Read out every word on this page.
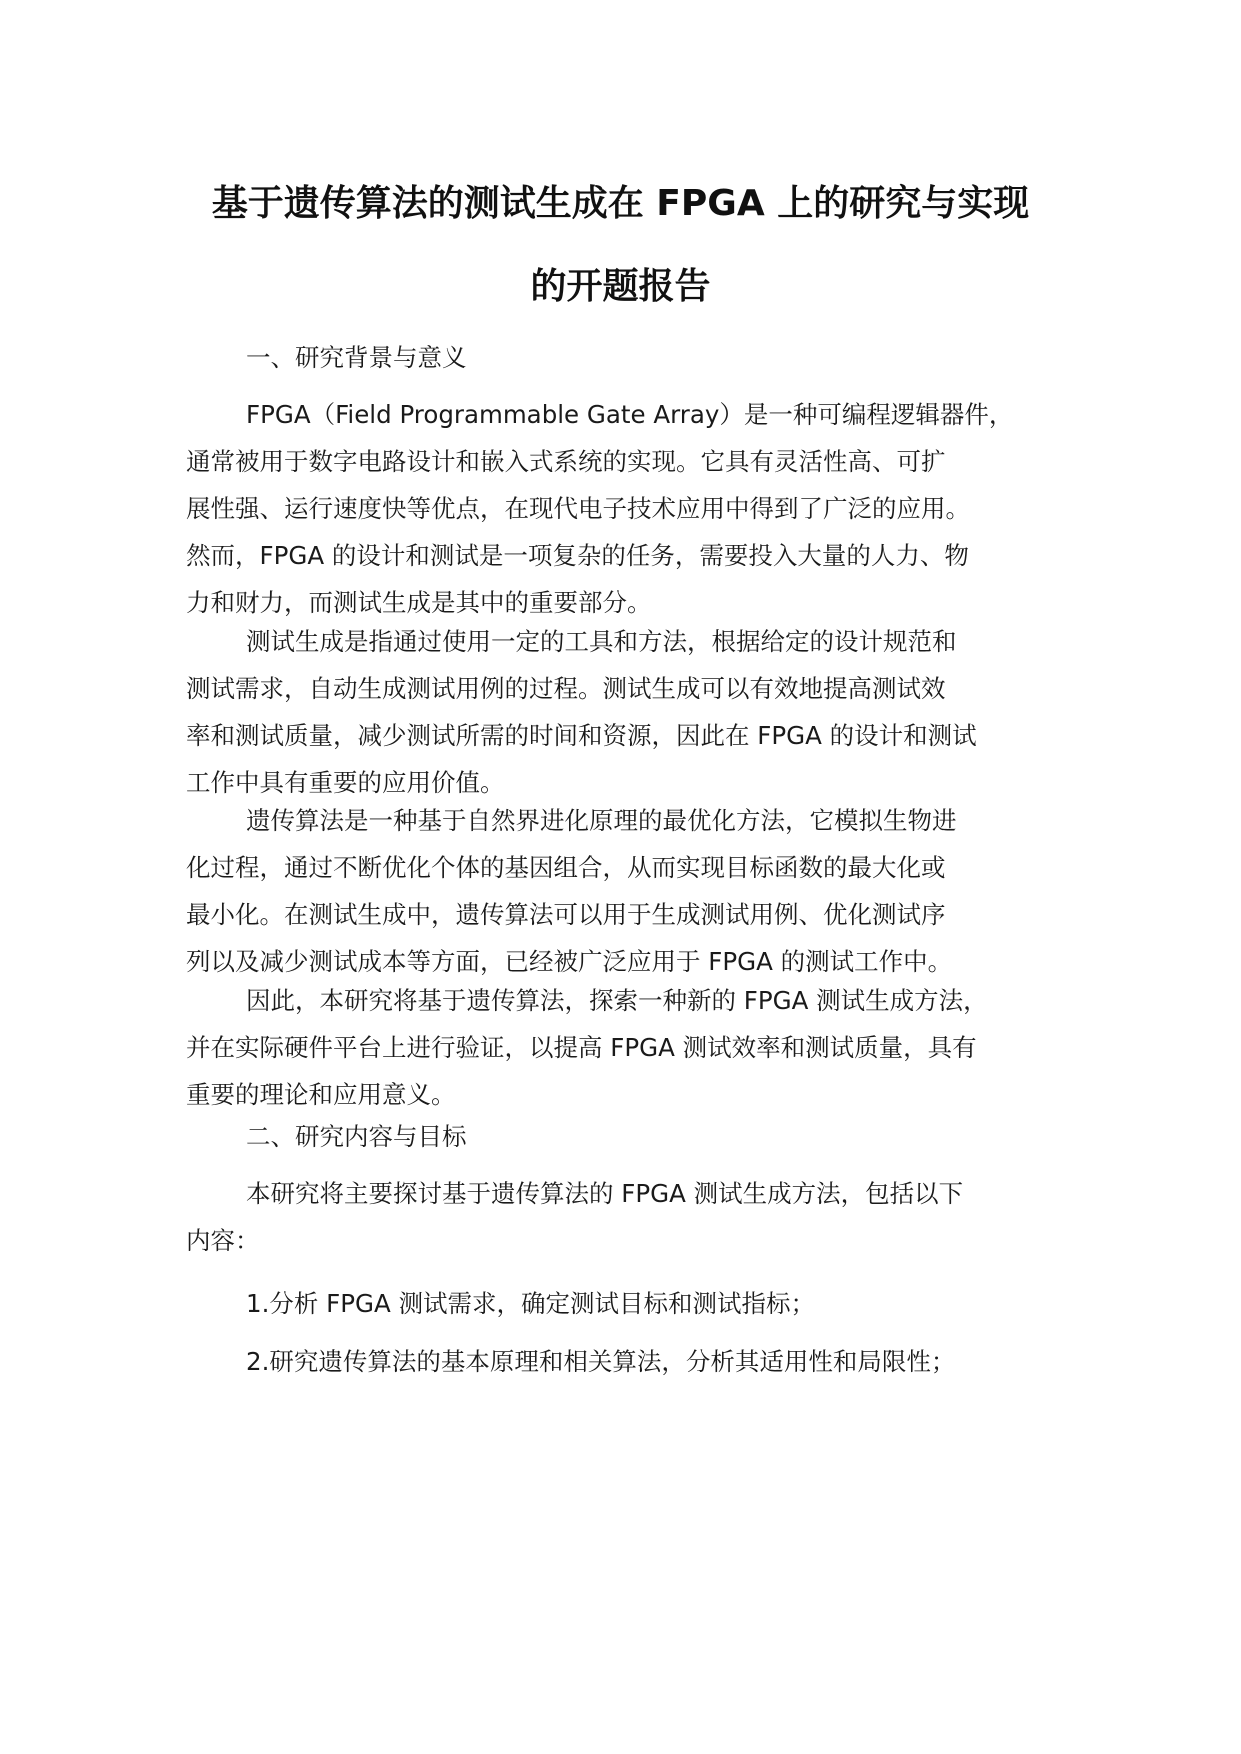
基于遗传算法的测试生成在 FPGA 上的研究与实现
的开题报告
一、研究背景与意义
FPGA（Field Programmable Gate Array）是一种可编程逻辑器件，
通常被用于数字电路设计和嵌入式系统的实现。它具有灵活性高、可扩
展性强、运行速度快等优点，在现代电子技术应用中得到了广泛的应用。
然而，FPGA 的设计和测试是一项复杂的任务，需要投入大量的人力、物
力和财力，而测试生成是其中的重要部分。
测试生成是指通过使用一定的工具和方法，根据给定的设计规范和
测试需求，自动生成测试用例的过程。测试生成可以有效地提高测试效
率和测试质量，减少测试所需的时间和资源，因此在 FPGA 的设计和测试
工作中具有重要的应用价值。
遗传算法是一种基于自然界进化原理的最优化方法，它模拟生物进
化过程，通过不断优化个体的基因组合，从而实现目标函数的最大化或
最小化。在测试生成中，遗传算法可以用于生成测试用例、优化测试序
列以及减少测试成本等方面，已经被广泛应用于 FPGA 的测试工作中。
因此，本研究将基于遗传算法，探索一种新的 FPGA 测试生成方法，
并在实际硬件平台上进行验证，以提高 FPGA 测试效率和测试质量，具有
重要的理论和应用意义。
二、研究内容与目标
本研究将主要探讨基于遗传算法的 FPGA 测试生成方法，包括以下
内容：
1.分析 FPGA 测试需求，确定测试目标和测试指标；
2.研究遗传算法的基本原理和相关算法，分析其适用性和局限性；
